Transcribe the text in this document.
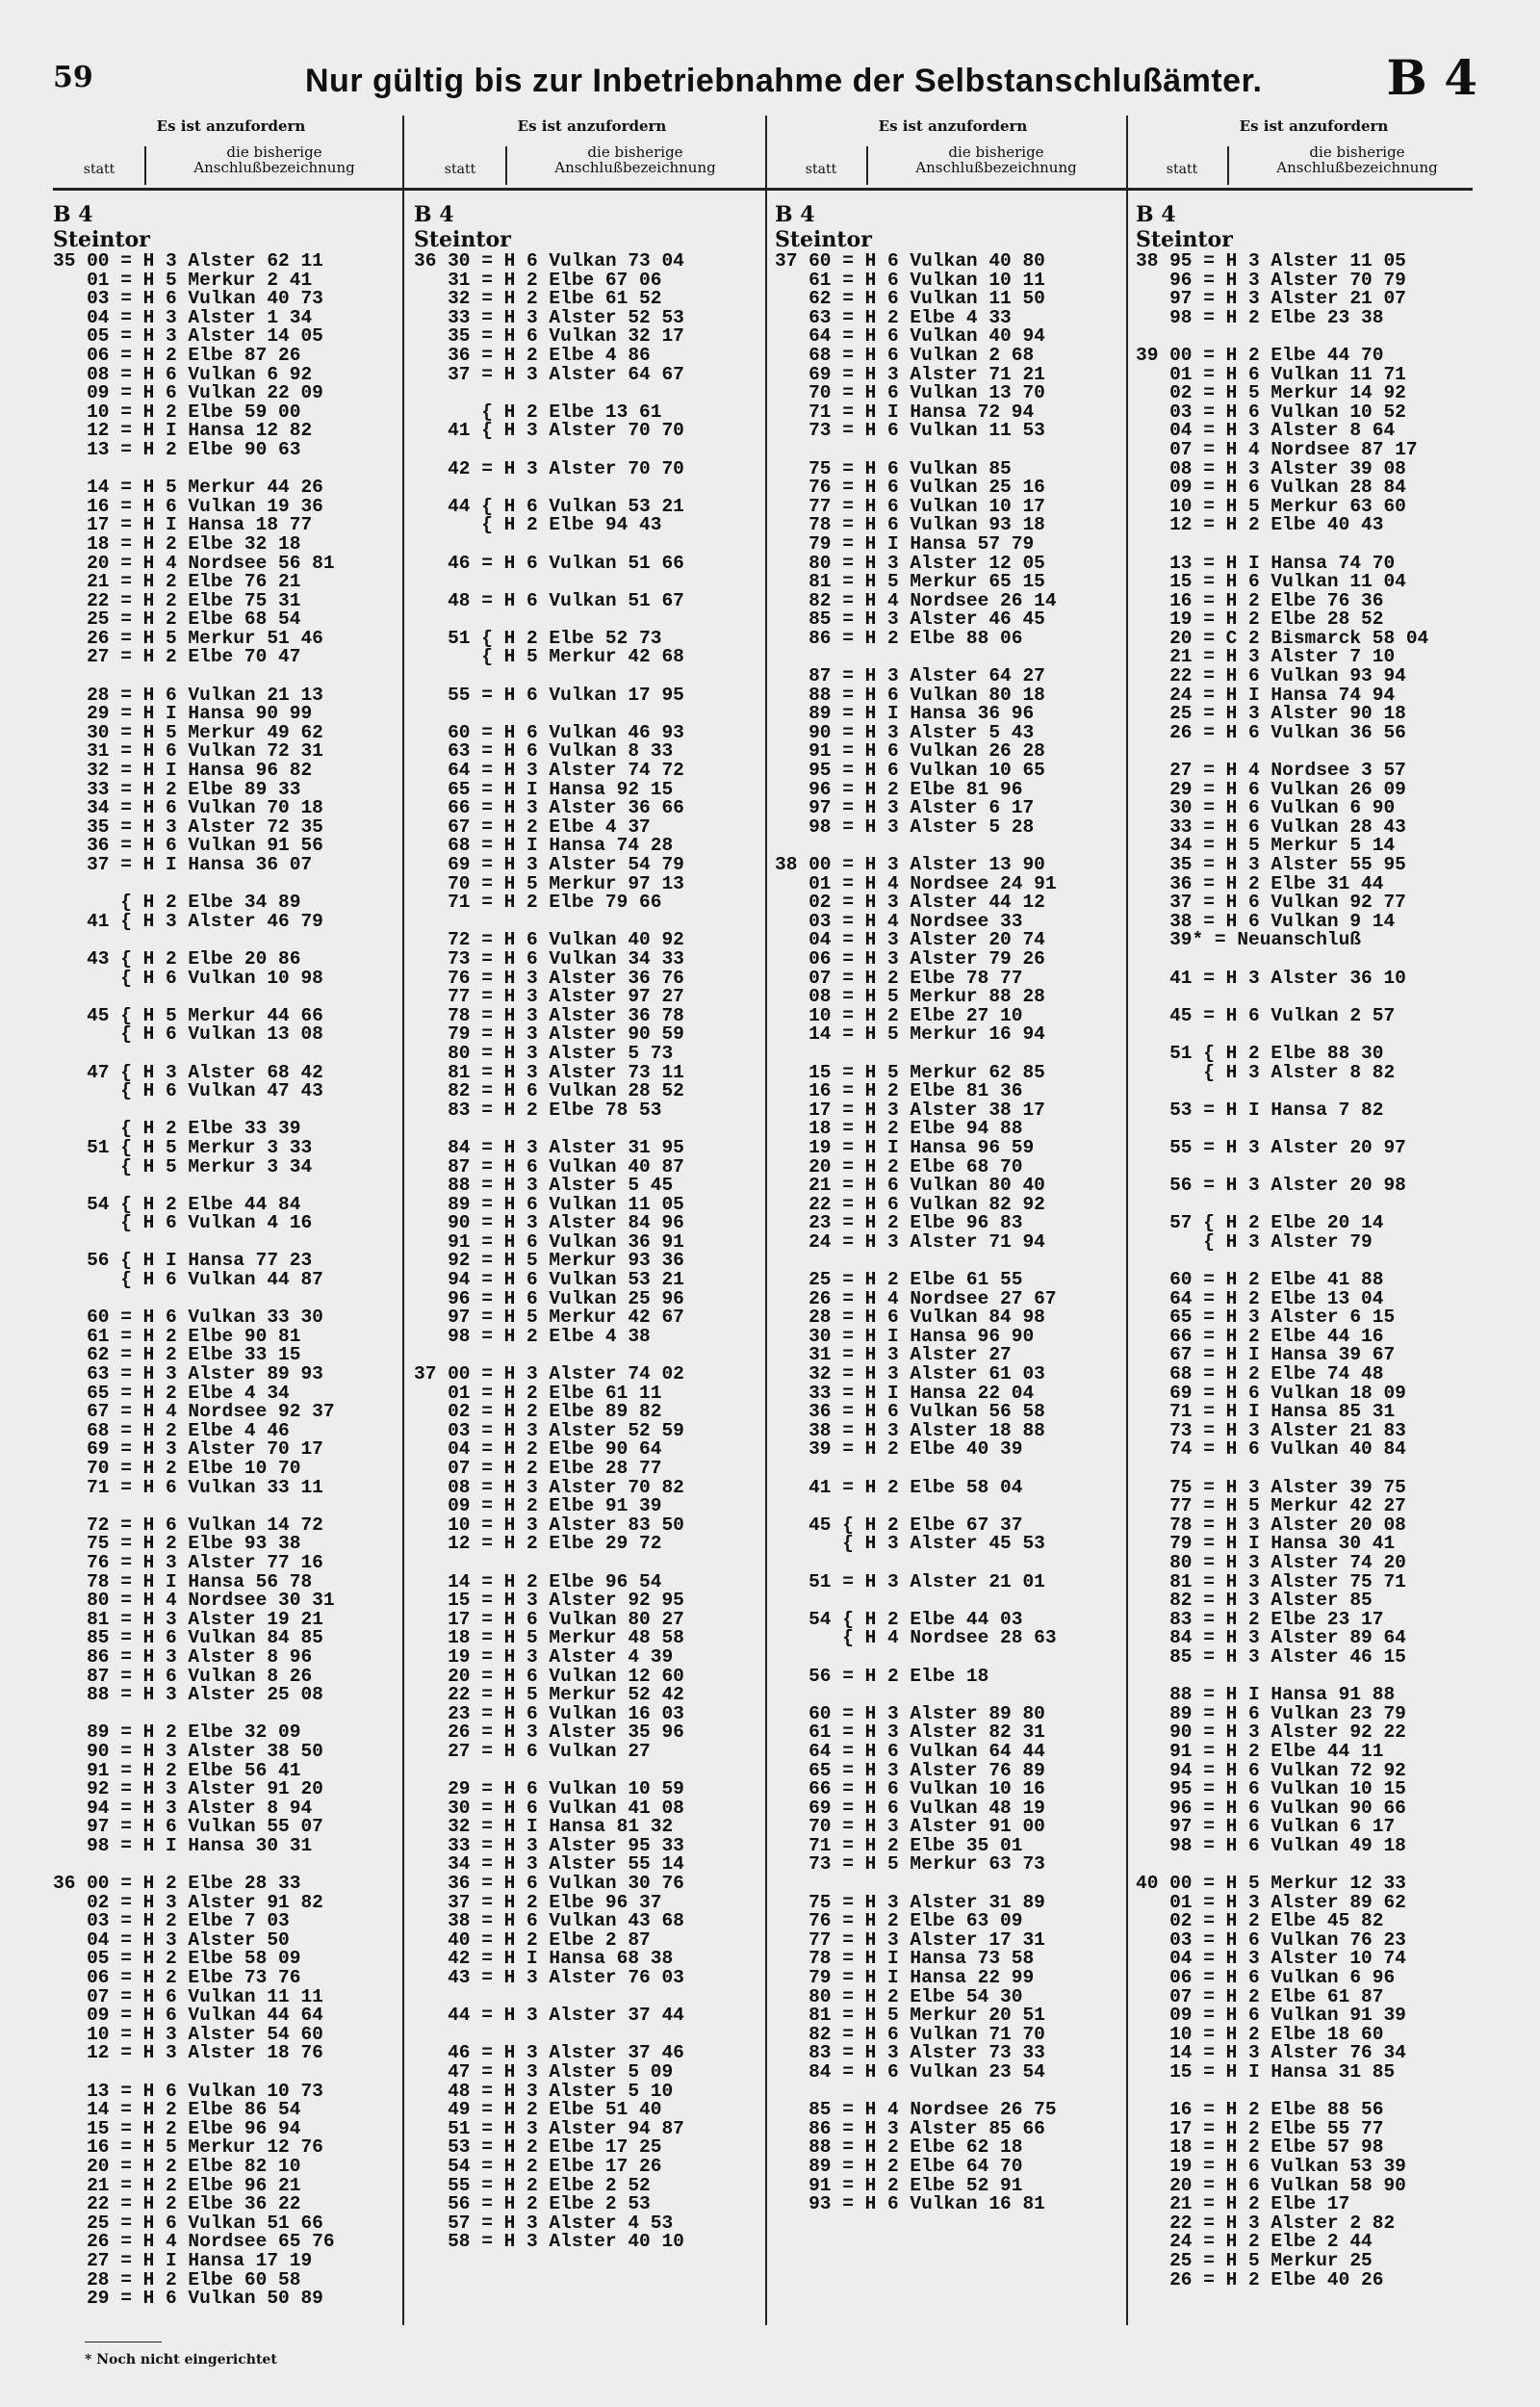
59	Nur gültig bis zur Inbetriebnahme der Selbstanschlußämter.	B 4
Es ist anzufordern
statt
die bisherige
Anschlußbezeichnung
B 4
Steintor
35 00 = H 3 Alster 62 11
01 = H 5 Merkur 2 41
03 = H 6 Vulkan 40 73
04 = H 3 Alster 1 34
05 = H 3 Alster 14 05
06 = H 2 Elbe 87 26
08 = H 6 Vulkan 6 92
09 = H 6 Vulkan 22 09
10 = H 2 Elbe 59 00
12 = H I Hansa 12 82
13 = H 2 Elbe 90 63
14 = H 5 Merkur 44 26
16 = H 6 Vulkan 19 36
17 = H I Hansa 18 77
18 = H 2 Elbe 32 18
20 = H 4 Nordsee 56 81
21 = H 2 Elbe 76 21
22 = H 2 Elbe 75 31
25 = H 2 Elbe 68 54
26 = H 5 Merkur 51 46
27 = H 2 Elbe 70 47
28 = H 6 Vulkan 21 13
29 = H I Hansa 90 99
30 = H 5 Merkur 49 62
31 = H 6 Vulkan 72 31
32 = H I Hansa 96 82
33 = H 2 Elbe 89 33
34 = H 6 Vulkan 70 18
35 = H 3 Alster 72 35
36 = H 6 Vulkan 91 56
37 = H I Hansa 36 07
{ H 2 Elbe 34 89
41 { H 3 Alster 46 79
43 { H 2 Elbe 20 86
{ H 6 Vulkan 10 98
45 { H 5 Merkur 44 66
{ H 6 Vulkan 13 08
47 { H 3 Alster 68 42
{ H 6 Vulkan 47 43
{ H 2 Elbe 33 39
51 { H 5 Merkur 3 33
{ H 5 Merkur 3 34
54 { H 2 Elbe 44 84
{ H 6 Vulkan 4 16
56 { H I Hansa 77 23
{ H 6 Vulkan 44 87
60 = H 6 Vulkan 33 30
61 = H 2 Elbe 90 81
62 = H 2 Elbe 33 15
63 = H 3 Alster 89 93
65 = H 2 Elbe 4 34
67 = H 4 Nordsee 92 37
68 = H 2 Elbe 4 46
69 = H 3 Alster 70 17
70 = H 2 Elbe 10 70
71 = H 6 Vulkan 33 11
72 = H 6 Vulkan 14 72
75 = H 2 Elbe 93 38
76 = H 3 Alster 77 16
78 = H I Hansa 56 78
80 = H 4 Nordsee 30 31
81 = H 3 Alster 19 21
85 = H 6 Vulkan 84 85
86 = H 3 Alster 8 96
87 = H 6 Vulkan 8 26
88 = H 3 Alster 25 08
89 = H 2 Elbe 32 09
90 = H 3 Alster 38 50
91 = H 2 Elbe 56 41
92 = H 3 Alster 91 20
94 = H 3 Alster 8 94
97 = H 6 Vulkan 55 07
98 = H I Hansa 30 31
36 00 = H 2 Elbe 28 33
02 = H 3 Alster 91 82
03 = H 2 Elbe 7 03
04 = H 3 Alster 50
05 = H 2 Elbe 58 09
06 = H 2 Elbe 73 76
07 = H 6 Vulkan 11 11
09 = H 6 Vulkan 44 64
10 = H 3 Alster 54 60
12 = H 3 Alster 18 76
13 = H 6 Vulkan 10 73
14 = H 2 Elbe 86 54
15 = H 2 Elbe 96 94
16 = H 5 Merkur 12 76
20 = H 2 Elbe 82 10
21 = H 2 Elbe 96 21
22 = H 2 Elbe 36 22
25 = H 6 Vulkan 51 66
26 = H 4 Nordsee 65 76
27 = H I Hansa 17 19
28 = H 2 Elbe 60 58
29 = H 6 Vulkan 50 89
Es ist anzufordern
statt
die bisherige
Anschlußbezeichnung
B 4
Steintor
36 30 = H 6 Vulkan 73 04
31 = H 2 Elbe 67 06
32 = H 2 Elbe 61 52
33 = H 3 Alster 52 53
35 = H 6 Vulkan 32 17
36 = H 2 Elbe 4 86
37 = H 3 Alster 64 67
{ H 2 Elbe 13 61
41 { H 3 Alster 70 70
42 = H 3 Alster 70 70
44 { H 6 Vulkan 53 21
{ H 2 Elbe 94 43
46 = H 6 Vulkan 51 66
48 = H 6 Vulkan 51 67
51 { H 2 Elbe 52 73
{ H 5 Merkur 42 68
55 = H 6 Vulkan 17 95
60 = H 6 Vulkan 46 93
63 = H 6 Vulkan 8 33
64 = H 3 Alster 74 72
65 = H I Hansa 92 15
66 = H 3 Alster 36 66
67 = H 2 Elbe 4 37
68 = H I Hansa 74 28
69 = H 3 Alster 54 79
70 = H 5 Merkur 97 13
71 = H 2 Elbe 79 66
72 = H 6 Vulkan 40 92
73 = H 6 Vulkan 34 33
76 = H 3 Alster 36 76
77 = H 3 Alster 97 27
78 = H 3 Alster 36 78
79 = H 3 Alster 90 59
80 = H 3 Alster 5 73
81 = H 3 Alster 73 11
82 = H 6 Vulkan 28 52
83 = H 2 Elbe 78 53
84 = H 3 Alster 31 95
87 = H 6 Vulkan 40 87
88 = H 3 Alster 5 45
89 = H 6 Vulkan 11 05
90 = H 3 Alster 84 96
91 = H 6 Vulkan 36 91
92 = H 5 Merkur 93 36
94 = H 6 Vulkan 53 21
96 = H 6 Vulkan 25 96
97 = H 5 Merkur 42 67
98 = H 2 Elbe 4 38
37 00 = H 3 Alster 74 02
01 = H 2 Elbe 61 11
02 = H 2 Elbe 89 82
03 = H 3 Alster 52 59
04 = H 2 Elbe 90 64
07 = H 2 Elbe 28 77
08 = H 3 Alster 70 82
09 = H 2 Elbe 91 39
10 = H 3 Alster 83 50
12 = H 2 Elbe 29 72
14 = H 2 Elbe 96 54
15 = H 3 Alster 92 95
17 = H 6 Vulkan 80 27
18 = H 5 Merkur 48 58
19 = H 3 Alster 4 39
20 = H 6 Vulkan 12 60
22 = H 5 Merkur 52 42
23 = H 6 Vulkan 16 03
26 = H 3 Alster 35 96
27 = H 6 Vulkan 27
29 = H 6 Vulkan 10 59
30 = H 6 Vulkan 41 08
32 = H I Hansa 81 32
33 = H 3 Alster 95 33
34 = H 3 Alster 55 14
36 = H 6 Vulkan 30 76
37 = H 2 Elbe 96 37
38 = H 6 Vulkan 43 68
40 = H 2 Elbe 2 87
42 = H I Hansa 68 38
43 = H 3 Alster 76 03
44 = H 3 Alster 37 44
46 = H 3 Alster 37 46
47 = H 3 Alster 5 09
48 = H 3 Alster 5 10
49 = H 2 Elbe 51 40
51 = H 3 Alster 94 87
53 = H 2 Elbe 17 25
54 = H 2 Elbe 17 26
55 = H 2 Elbe 2 52
56 = H 2 Elbe 2 53
57 = H 3 Alster 4 53
58 = H 3 Alster 40 10
Es ist anzufordern
statt
die bisherige
Anschlußbezeichnung
B 4
Steintor
37 60 = H 6 Vulkan 40 80
61 = H 6 Vulkan 10 11
62 = H 6 Vulkan 11 50
63 = H 2 Elbe 4 33
64 = H 6 Vulkan 40 94
68 = H 6 Vulkan 2 68
69 = H 3 Alster 71 21
70 = H 6 Vulkan 13 70
71 = H I Hansa 72 94
73 = H 6 Vulkan 11 53
75 = H 6 Vulkan 85
76 = H 6 Vulkan 25 16
77 = H 6 Vulkan 10 17
78 = H 6 Vulkan 93 18
79 = H I Hansa 57 79
80 = H 3 Alster 12 05
81 = H 5 Merkur 65 15
82 = H 4 Nordsee 26 14
85 = H 3 Alster 46 45
86 = H 2 Elbe 88 06
87 = H 3 Alster 64 27
88 = H 6 Vulkan 80 18
89 = H I Hansa 36 96
90 = H 3 Alster 5 43
91 = H 6 Vulkan 26 28
95 = H 6 Vulkan 10 65
96 = H 2 Elbe 81 96
97 = H 3 Alster 6 17
98 = H 3 Alster 5 28
38 00 = H 3 Alster 13 90
01 = H 4 Nordsee 24 91
02 = H 3 Alster 44 12
03 = H 4 Nordsee 33
04 = H 3 Alster 20 74
06 = H 3 Alster 79 26
07 = H 2 Elbe 78 77
08 = H 5 Merkur 88 28
10 = H 2 Elbe 27 10
14 = H 5 Merkur 16 94
15 = H 5 Merkur 62 85
16 = H 2 Elbe 81 36
17 = H 3 Alster 38 17
18 = H 2 Elbe 94 88
19 = H I Hansa 96 59
20 = H 2 Elbe 68 70
21 = H 6 Vulkan 80 40
22 = H 6 Vulkan 82 92
23 = H 2 Elbe 96 83
24 = H 3 Alster 71 94
25 = H 2 Elbe 61 55
26 = H 4 Nordsee 27 67
28 = H 6 Vulkan 84 98
30 = H I Hansa 96 90
31 = H 3 Alster 27
32 = H 3 Alster 61 03
33 = H I Hansa 22 04
36 = H 6 Vulkan 56 58
38 = H 3 Alster 18 88
39 = H 2 Elbe 40 39
41 = H 2 Elbe 58 04
45 { H 2 Elbe 67 37
{ H 3 Alster 45 53
51 = H 3 Alster 21 01
54 { H 2 Elbe 44 03
{ H 4 Nordsee 28 63
56 = H 2 Elbe 18
60 = H 3 Alster 89 80
61 = H 3 Alster 82 31
64 = H 6 Vulkan 64 44
65 = H 3 Alster 76 89
66 = H 6 Vulkan 10 16
69 = H 6 Vulkan 48 19
70 = H 3 Alster 91 00
71 = H 2 Elbe 35 01
73 = H 5 Merkur 63 73
75 = H 3 Alster 31 89
76 = H 2 Elbe 63 09
77 = H 3 Alster 17 31
78 = H I Hansa 73 58
79 = H I Hansa 22 99
80 = H 2 Elbe 54 30
81 = H 5 Merkur 20 51
82 = H 6 Vulkan 71 70
83 = H 3 Alster 73 33
84 = H 6 Vulkan 23 54
85 = H 4 Nordsee 26 75
86 = H 3 Alster 85 66
88 = H 2 Elbe 62 18
89 = H 2 Elbe 64 70
91 = H 2 Elbe 52 91
93 = H 6 Vulkan 16 81
Es ist anzufordern
statt
die bisherige
Anschlußbezeichnung
B 4
Steintor
38 95 = H 3 Alster 11 05
96 = H 3 Alster 70 79
97 = H 3 Alster 21 07
98 = H 2 Elbe 23 38
39 00 = H 2 Elbe 44 70
01 = H 6 Vulkan 11 71
02 = H 5 Merkur 14 92
03 = H 6 Vulkan 10 52
04 = H 3 Alster 8 64
07 = H 4 Nordsee 87 17
08 = H 3 Alster 39 08
09 = H 6 Vulkan 28 84
10 = H 5 Merkur 63 60
12 = H 2 Elbe 40 43
13 = H I Hansa 74 70
15 = H 6 Vulkan 11 04
16 = H 2 Elbe 76 36
19 = H 2 Elbe 28 52
20 = C 2 Bismarck 58 04
21 = H 3 Alster 7 10
22 = H 6 Vulkan 93 94
24 = H I Hansa 74 94
25 = H 3 Alster 90 18
26 = H 6 Vulkan 36 56
27 = H 4 Nordsee 3 57
29 = H 6 Vulkan 26 09
30 = H 6 Vulkan 6 90
33 = H 6 Vulkan 28 43
34 = H 5 Merkur 5 14
35 = H 3 Alster 55 95
36 = H 2 Elbe 31 44
37 = H 6 Vulkan 92 77
38 = H 6 Vulkan 9 14
39* = Neuanschluß
41 = H 3 Alster 36 10
45 = H 6 Vulkan 2 57
51 { H 2 Elbe 88 30
{ H 3 Alster 8 82
53 = H I Hansa 7 82
55 = H 3 Alster 20 97
56 = H 3 Alster 20 98
57 { H 2 Elbe 20 14
{ H 3 Alster 79
60 = H 2 Elbe 41 88
64 = H 2 Elbe 13 04
65 = H 3 Alster 6 15
66 = H 2 Elbe 44 16
67 = H I Hansa 39 67
68 = H 2 Elbe 74 48
69 = H 6 Vulkan 18 09
71 = H I Hansa 85 31
73 = H 3 Alster 21 83
74 = H 6 Vulkan 40 84
75 = H 3 Alster 39 75
77 = H 5 Merkur 42 27
78 = H 3 Alster 20 08
79 = H I Hansa 30 41
80 = H 3 Alster 74 20
81 = H 3 Alster 75 71
82 = H 3 Alster 85
83 = H 2 Elbe 23 17
84 = H 3 Alster 89 64
85 = H 3 Alster 46 15
88 = H I Hansa 91 88
89 = H 6 Vulkan 23 79
90 = H 3 Alster 92 22
91 = H 2 Elbe 44 11
94 = H 6 Vulkan 72 92
95 = H 6 Vulkan 10 15
96 = H 6 Vulkan 90 66
97 = H 6 Vulkan 6 17
98 = H 6 Vulkan 49 18
40 00 = H 5 Merkur 12 33
01 = H 3 Alster 89 62
02 = H 2 Elbe 45 82
03 = H 6 Vulkan 76 23
04 = H 3 Alster 10 74
06 = H 6 Vulkan 6 96
07 = H 2 Elbe 61 87
09 = H 6 Vulkan 91 39
10 = H 2 Elbe 18 60
14 = H 3 Alster 76 34
15 = H I Hansa 31 85
16 = H 2 Elbe 88 56
17 = H 2 Elbe 55 77
18 = H 2 Elbe 57 98
19 = H 6 Vulkan 53 39
20 = H 6 Vulkan 58 90
21 = H 2 Elbe 17
22 = H 3 Alster 2 82
24 = H 2 Elbe 2 44
25 = H 5 Merkur 25
26 = H 2 Elbe 40 26
* Noch nicht eingerichtet
